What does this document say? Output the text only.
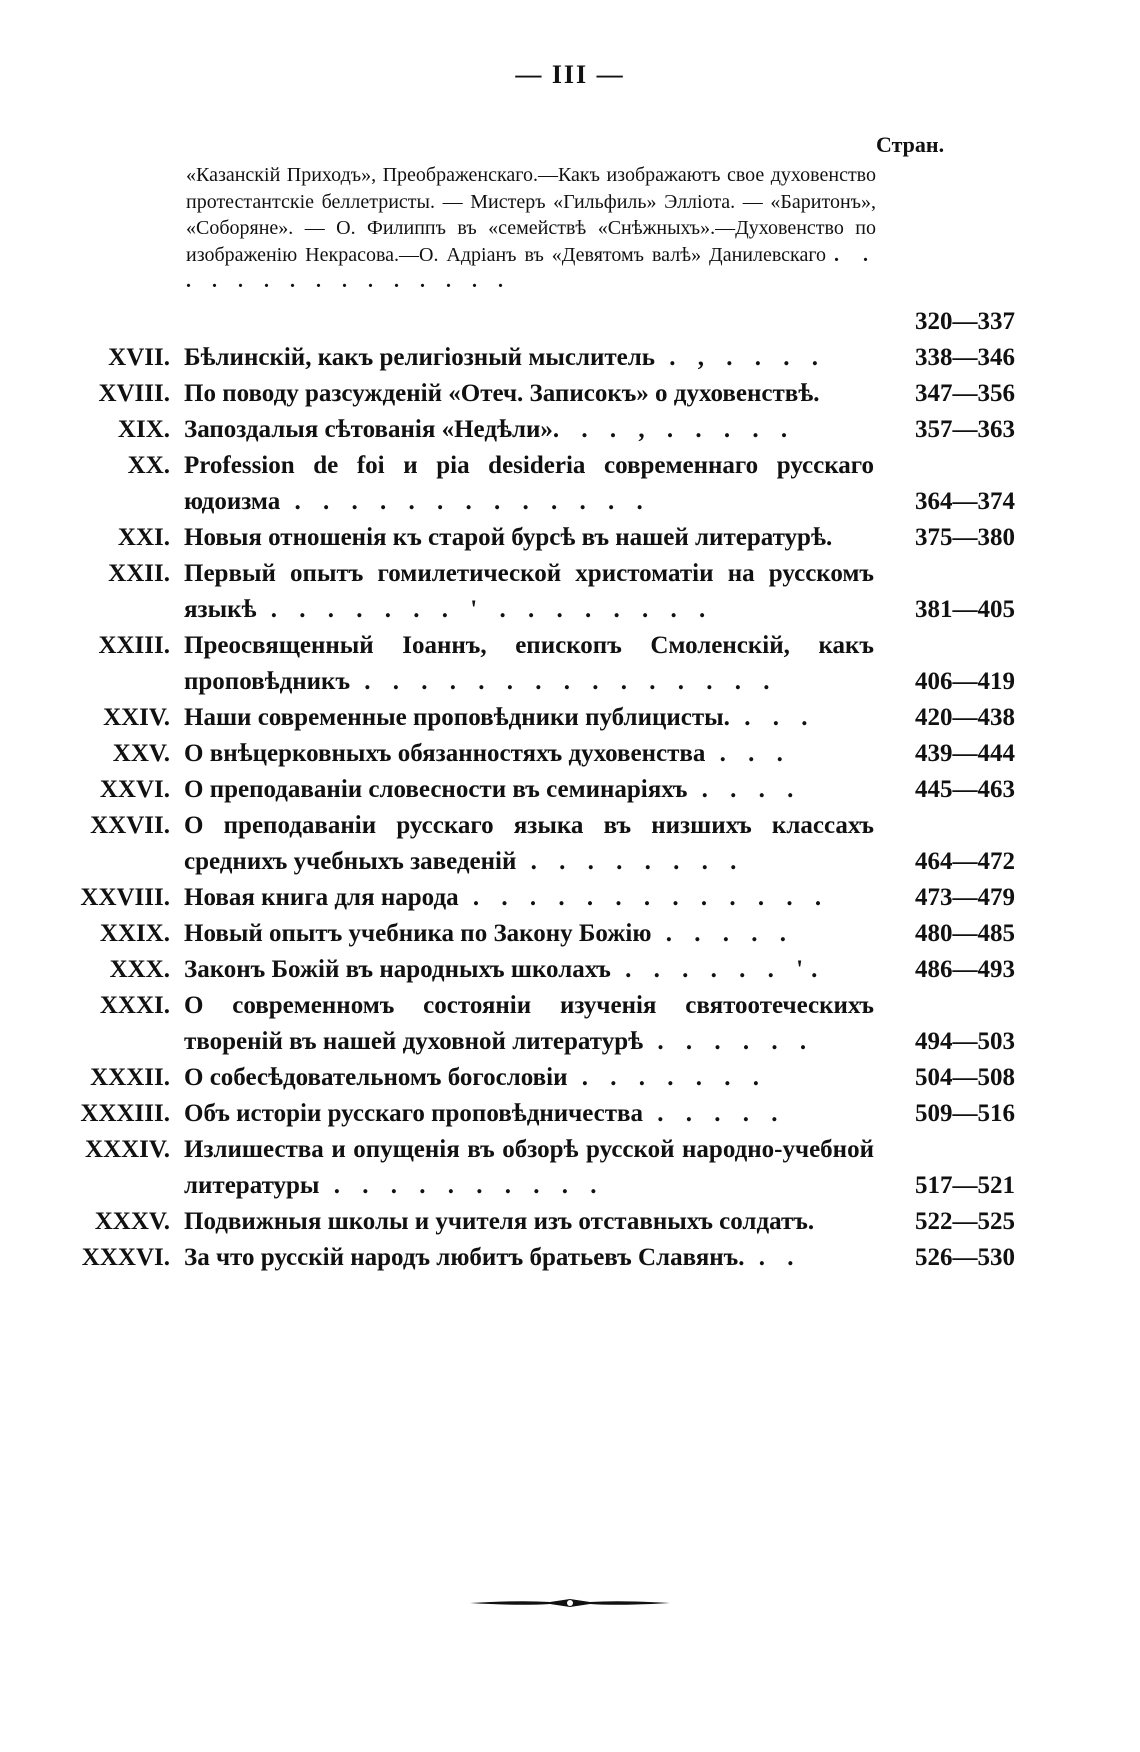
— III —
Стран.
«Казанскій Приходъ», Преображенскаго.—Какъ изображаютъ свое духовенство протестантскіе беллетристы. — Мистеръ «Гильфиль» Элліота. — «Баритонъ», «Соборяне». — О. Филиппъ въ «семействѣ «Снѣжныхъ».—Духовенство по изображенію Некрасова.—О. Адріанъ въ «Девятомъ валѣ» Данилевскаго . . . . . . . . . . . . . . .
320—337
XVII. Бѣлинскій, какъ религіозный мыслитель . , . . . .	338—346
XVIII. По поводу разсужденій «Отеч. Записокъ» о духовенствѣ.	347—356
XIX. Запоздалыя сѣтованія «Недѣли». . . , . . . . .	357—363
XX. Profession de foi и pia desideria современнаго русскаго юдоизма . . . . . . . . . . . . .	364—374
XXI. Новыя отношенія къ старой бурсѣ въ нашей литературѣ.	375—380
XXII. Первый опытъ гомилетической христоматіи на русскомъ языкѣ . . . . . . . ' . . . . . . . .	381—405
XXIII. Преосвященный Іоаннъ, епископъ Смоленскій, какъ проповѣдникъ . . . . . . . . . . . . . . .	406—419
XXIV. Наши современные проповѣдники публицисты. . . .	420—438
XXV. О внѣцерковныхъ обязанностяхъ духовенства . . .	439—444
XXVI. О преподаваніи словесности въ семинаріяхъ . . . .	445—463
XXVII. О преподаваніи русскаго языка въ низшихъ классахъ среднихъ учебныхъ заведеній . . . . . . . .	464—472
XXVIII. Новая книга для народа . . . . . . . . . . . . .	473—479
XXIX. Новый опытъ учебника по Закону Божію . . . . .	480—485
XXX. Законъ Божій въ народныхъ школахъ . . . . . . '.	486—493
XXXI. О современномъ состояніи изученія святоотеческихъ твореній въ нашей духовной литературѣ . . . . . .	494—503
XXXII. О собесѣдовательномъ богословіи . . . . . . .	504—508
XXXIII. Объ исторіи русскаго проповѣдничества . . . . .	509—516
XXXIV. Излишества и опущенія въ обзорѣ русской народно-учебной литературы . . . . . . . . . .	517—521
XXXV. Подвижныя школы и учителя изъ отставныхъ солдатъ.	522—525
XXXVI. За что русскій народъ любитъ братьевъ Славянъ. . .	526—530
